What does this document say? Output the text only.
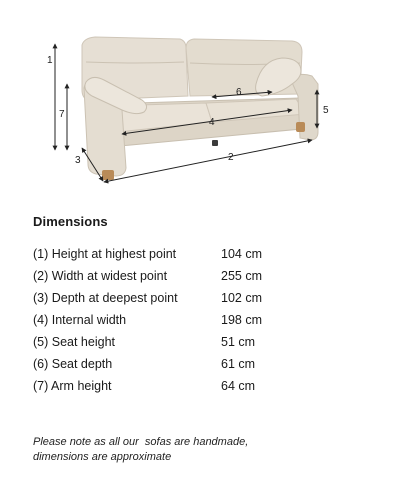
1
7
3	2
4
6
5
Dimensions
(1) Height at highest point	104 cm
(2) Width at widest point	255 cm
(3) Depth at deepest point	102 cm
(4) Internal width	198 cm
(5) Seat height	51 cm
(6) Seat depth	61 cm
(7) Arm height	64 cm
Please note as all our  sofas are handmade,
dimensions are approximate
